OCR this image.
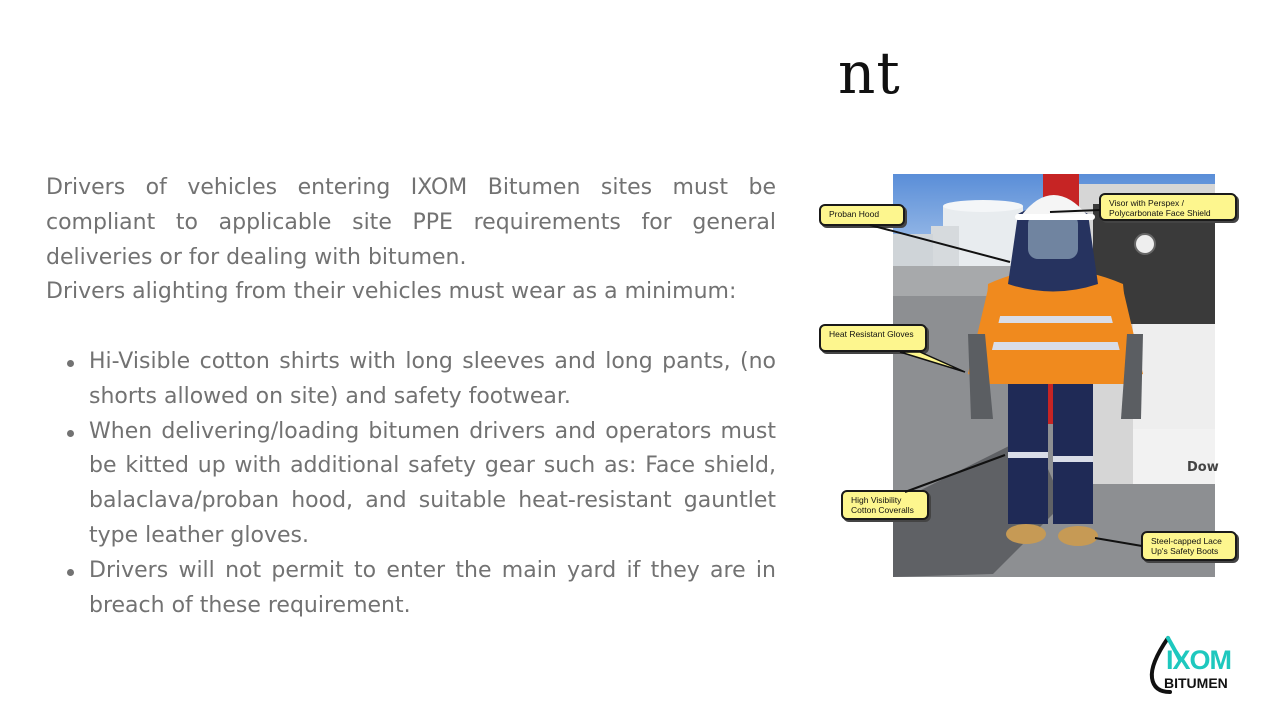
nt

Drivers of vehicles entering IXOM Bitumen sites must be compliant to applicable site PPE requirements for general deliveries or for dealing with bitumen.

Drivers alighting from their vehicles must wear as a minimum:

Hi-Visible cotton shirts with long sleeves and long pants, (no shorts allowed on site) and safety footwear.
When delivering/loading bitumen drivers and operators must be kitted up with additional safety gear such as: Face shield, balaclava/proban hood, and suitable heat-resistant gauntlet type leather gloves.
Drivers will not permit to enter the main yard if they are in breach of these requirement.
Dow
Visor with Perspex / Polycarbonate Face Shield
Steel-capped Lace Up's Safety Boots
Proban Hood
Heat Resistant Gloves
High Visibility Cotton Coveralls
IXOM
BITUMEN
